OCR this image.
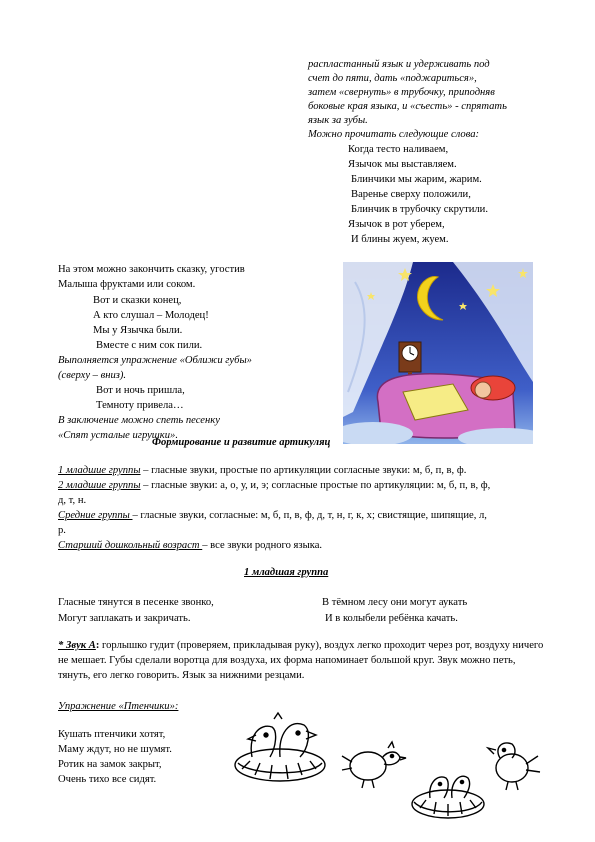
распластанный язык и удерживать под
счет до пяти, дать «поджариться»,
затем «свернуть» в трубочку, приподняв
боковые края языка, и «съесть» - спрятать
язык за зубы.
Можно прочитать следующие слова:
Когда тесто наливаем,
Язычок мы выставляем.
Блинчики мы жарим, жарим.
Варенье сверху положили,
Блинчик в трубочку скрутили.
Язычок в рот уберем,
И блины жуем, жуем.
На этом можно закончить сказку, угостив
Малыша фруктами или соком.
Вот и сказки конец,
А кто слушал – Молодец!
Мы у Язычка были.
Вместе с ним сок пили.
Выполняется упражнение «Оближи губы»
(сверху – вниз).
Вот и ночь пришла,
Темноту привела…
В заключение можно спеть песенку
«Спят усталые игрушки».
Формирование и развитие артикуляц
1 младшие группы – гласные звуки, простые по артикуляции согласные звуки: м, б, п, в, ф.
2 младшие группы – гласные звуки: а, о, у, и, э; согласные простые по артикуляции: м, б, п, в, ф,
д, т, н.
Средние группы – гласные звуки, согласные: м, б, п, в, ф, д, т, н, г, к, х; свистящие, шипящие, л,
р.
Старший дошкольный возраст – все звуки родного языка.
1 младшая группа
Гласные тянутся в песенке звонко,
Могут заплакать и закричать.
В тёмном лесу они могут аукать
И в колыбели ребёнка качать.
* Звук А: горлышко гудит (проверяем, прикладывая руку), воздух легко проходит через рот, воздуху ничего не мешает. Губы сделали воротца для воздуха, их форма напоминает большой круг. Звук можно петь, тянуть, его легко говорить. Язык за нижними резцами.
Упражнение «Птенчики»:
Кушать птенчики хотят,
Маму ждут, но не шумят.
Ротик на замок закрыт,
Очень тихо все сидят.
